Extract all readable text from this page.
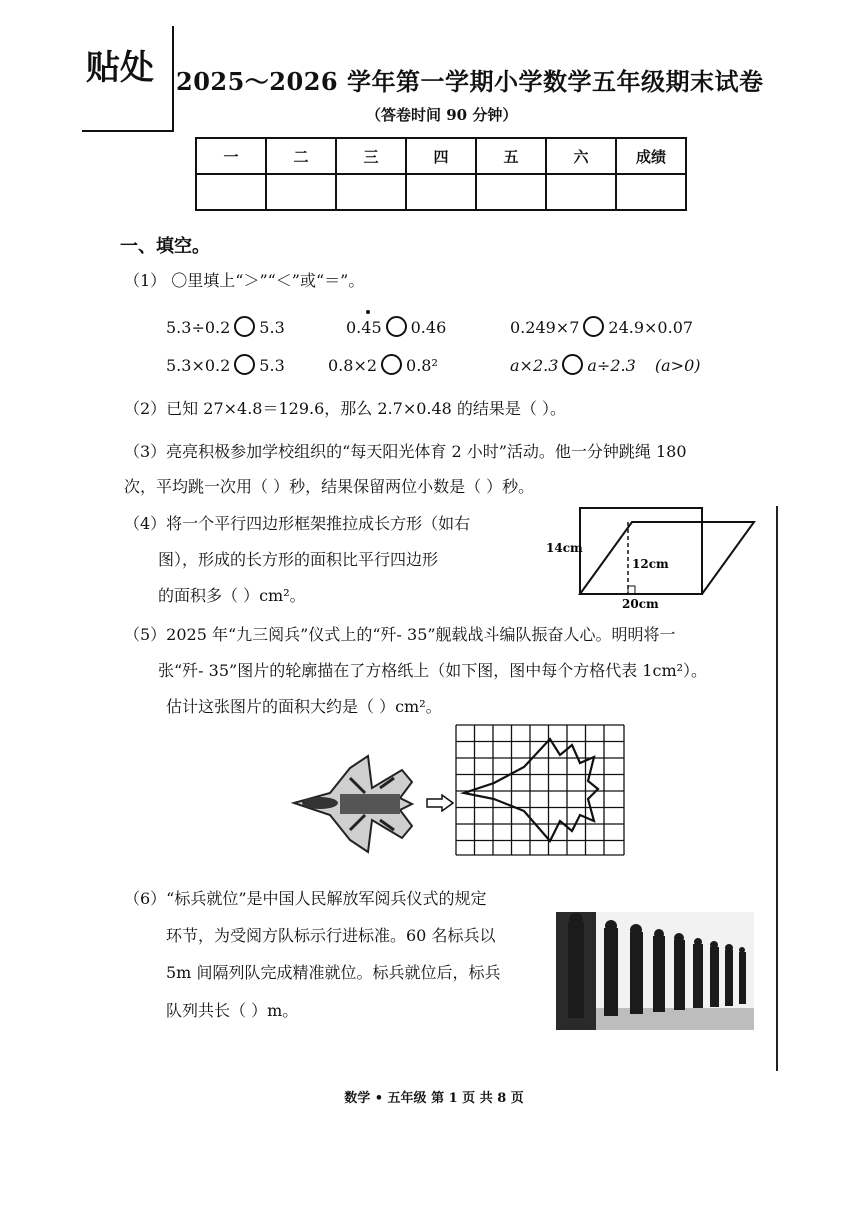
贴处 2025～2026 学年第一学期小学数学五年级期末试卷
（答卷时间 90 分钟）
一	二	三	四	五	六	成绩

一、填空。
（1） 〇里填上“＞”“＜”或“＝”。
5.3÷0.2 5.3	0.45 0.46	0.249×7 24.9×0.07
5.3×0.2 5.3	0.8×2 0.8²	a×2.3 a÷2.3 (a>0)
（2）已知 27×4.8＝129.6，那么 2.7×0.48 的结果是（ ）。
（3）亮亮积极参加学校组织的“每天阳光体育 2 小时”活动。他一分钟跳绳 180
次，平均跳一次用（ ）秒，结果保留两位小数是（ ）秒。
（4）将一个平行四边形框架推拉成长方形（如右
图），形成的长方形的面积比平行四边形
的面积多（ ）cm²。
14cm
12cm
20cm
（5）2025 年“九三阅兵”仪式上的“歼- 35”舰载战斗编队振奋人心。明明将一
张“歼- 35”图片的轮廓描在了方格纸上（如下图，图中每个方格代表 1cm²）。
估计这张图片的面积大约是（ ）cm²。
（6）“标兵就位”是中国人民解放军阅兵仪式的规定
环节，为受阅方队标示行进标准。60 名标兵以
5m 间隔列队完成精准就位。标兵就位后，标兵
队列共长（ ）m。
数学 • 五年级 第 1 页 共 8 页
